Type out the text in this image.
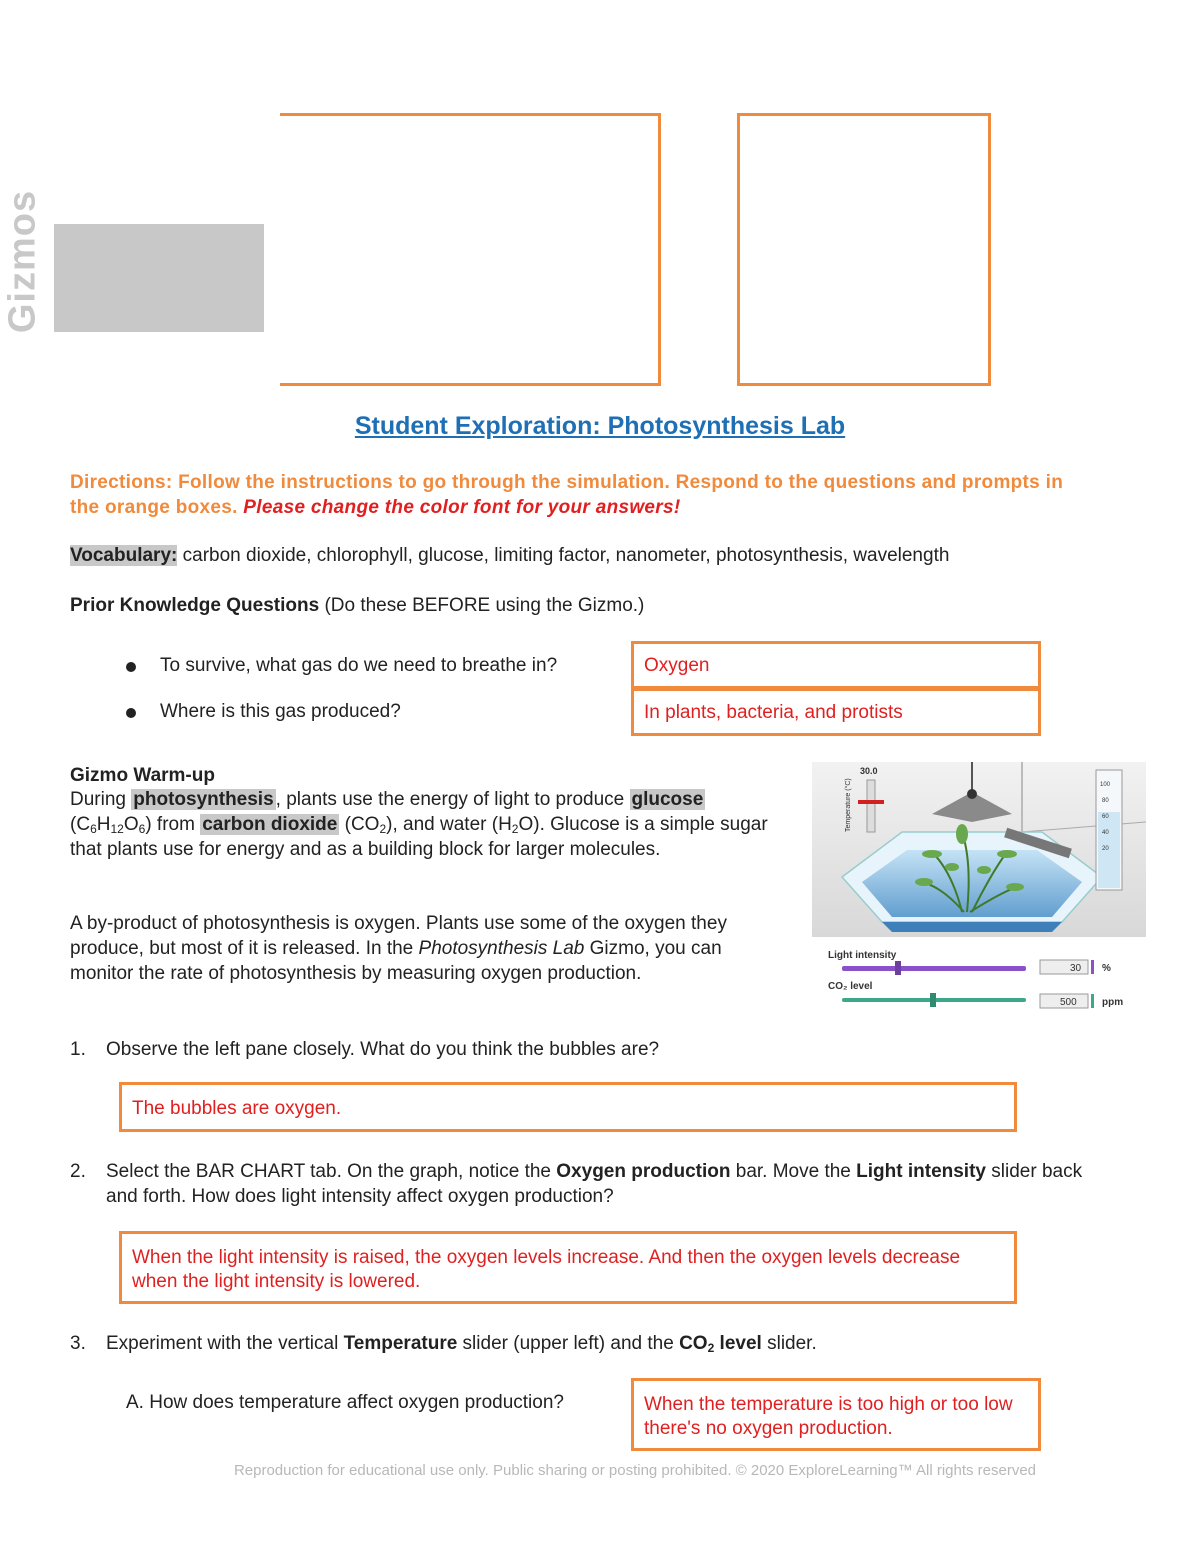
Gizmos
Student Exploration: Photosynthesis Lab
Directions: Follow the instructions to go through the simulation. Respond to the questions and prompts in the orange boxes. Please change the color font for your answers!
Vocabulary: carbon dioxide, chlorophyll, glucose, limiting factor, nanometer, photosynthesis, wavelength
Prior Knowledge Questions (Do these BEFORE using the Gizmo.)
To survive, what gas do we need to breathe in?	Oxygen
Where is this gas produced?	In plants, bacteria, and protists
Gizmo Warm-up
During photosynthesis , plants use the energy of light to produce glucose
$(C_6H_{12}O_6)$ from carbon dioxide $(CO_2)$, and water $(H_2O)$. Glucose is a simple sugar that plants use for energy and as a building block for larger molecules.
A by-product of photosynthesis is oxygen. Plants use some of the oxygen they produce, but most of it is released. In the Photosynthesis Lab Gizmo, you can monitor the rate of photosynthesis by measuring oxygen production.
30.0
Temperature (°C)	100
80
60
40
20
Light intensity
30 %
CO₂ level
500	ppm
1. Observe the left pane closely. What do you think the bubbles are?
The bubbles are oxygen.
2. Select the BAR CHART tab. On the graph, notice the Oxygen production bar. Move the Light intensity slider back and forth. How does light intensity affect oxygen production?
When the light intensity is raised, the oxygen levels increase. And then the oxygen levels decrease when the light intensity is lowered.
3. Experiment with the vertical Temperature slider (upper left) and the $CO_2$ level slider.
A. How does temperature affect oxygen production?	When the temperature is too high or too low there's no oxygen production.
Reproduction for educational use only. Public sharing or posting prohibited. © 2020 ExploreLearning™ All rights reserved
